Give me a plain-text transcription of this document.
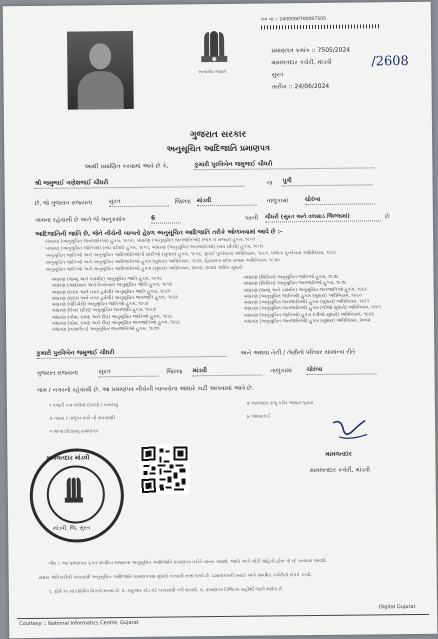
ક્રમ ના :: 2400000700007505
સત્યમેવ જયતે
પ્રમાણપત્ર ક્રમાંક :: 7505/2024
/2608
મામલતદાર કચેરી, માંડવી
સુરત
તારીખ :: 24/06/2024
ગુજરાત સરકાર
અનુસૂચિત આદિજાતિ પ્રમાણપત્ર
આથી પ્રમાણિત કરવામાં આવે છે કે,	કુમારી પુરવિબેન જમુભાઈ ચૌધરી
શ્રી જમુભાઈ ગણેશભાઈ ચૌધરી	ના પુત્રી
છે, જે ગુજરાત રાજ્યના	સુરત	જિલ્લા માંડવી	તાલુકામાં	ચોરંબા
ગામના રહેવાસી છે અને જે અનુક્રમાંક	6	પરની ચૌધરી (સુરત અને વલસાડ જિલ્લામાં)	છે
આદિજાતિની જાતિ છે, જેને નીચેની બાબતો હેઠળ અનુસૂચિત આદિજાતિ તરીકે ઓળખવામાં આવે છે :-
બંધારણ (અનુસૂચિત જનજાતિઓ) હુકમ, ૧૯૫૦, બંધારણ (અનુસૂચિત જનજાતિઓ) (ભાગ ગ રાજ્ય) હુકમ, ૧૯૫૧
બંધારણ (અનુસૂચિત જાતિઓ) (સંઘ પ્રદેશો) હુકમ, ૧૯૫૧, બંધારણ (અનુસૂચિત જનજાતિઓ) (સંઘ પ્રદેશો) હુકમ, ૧૯૫૧
અનુસૂચિત જાતિઓ અને અનુસૂચિત આદિજાતિઓની યાદીઓ (સુધારા) હુકમ, ૧૯૫૬, મુંબઈ પુનર્રચના અધિનિયમ, ૧૯૬૦, પંજાબ પુનર્રચના અધિનિયમ, ૧૯૬૬
અનુસૂચિત જાતિઓ અને અનુસૂચિત આદિજાતિઓ હુકમ (સુધારા) અધિનિયમ, ૧૯૭૬, હિમાચલ પ્રદેશ રાજ્ય અધિનિયમ, ૧૯૭૦
અનુસૂચિત જાતિઓ અને અનુસૂચિત આદિજાતિઓ હુકમ (સુધારા) અધિનિયમ, ૨૦૦૨, ૨૦૨૨ અધિક સુધારો
બંધારણ (જમ્મુ અને કાશ્મીર) અનુસૂચિત જાતિ હુકમ, ૧૯૫૬
બંધારણ (આંદામાન અને નિકોબાર) અનુસૂચિત જાતિ હુકમ, ૧૯૫૯
બંધારણ (દાદરા અને નગર હવેલી) અનુસૂચિત જાતિ હુકમ, ૧૯૬૨
બંધારણ (દાદરા અને નગર હવેલી) અનુસૂચિત જનજાતિ હુકમ, ૧૯૬૨
બંધારણ (પોંડિચેરી) અનુસૂચિત જાતિઓ હુકમ, ૧૯૬૪
બંધારણ (ઉત્તર પ્રદેશ) અનુસૂચિત જનજાતિ હુકમ, ૧૯૬૭
બંધારણ (ગોવા, દમણ અને દીવ) અનુસૂચિત જાતિઓ હુકમ, ૧૯૬૮
બંધારણ (ગોવા, દમણ અને દીવ) અનુસૂચિત જનજાતિઓ હુકમ, ૧૯૬૮
બંધારણ (નાગાલેન્ડ) અનુસૂચિત જનજાતિઓ હુકમ, ૧૯૭૦
બંધારણ (સિક્કિમ) અનુસૂચિત જાતિઓ હુકમ, ૧૯૭૮
બંધારણ (સિક્કિમ) અનુસૂચિત જનજાતિઓ હુકમ, ૧૯૭૮
બંધારણ (જમ્મુ અને કાશ્મીર) અનુસૂચિત જનજાતિઓ હુકમ, ૧૯૮૯
બંધારણ (અનુસૂચિત જાતિઓ) હુકમ (સુધારા) અધિનિયમ, ૧૯૯૦
બંધારણ (અનુસૂચિત જનજાતિઓ) હુકમ (સુધારા) અધિનિયમ, ૧૯૯૧
બંધારણ (અનુસૂચિત જનજાતિઓ) હુકમ (બીજો સુધારો) અધિનિયમ, ૧૯૯૧
બંધારણ (અનુસૂચિત જાતિઓ) હુકમ (બીજો સુધારો) અધિનિયમ, ૧૯૯૨
બંધારણ (અનુસૂચિત જનજાતિઓ) હુકમ (સુધારા) અધિનિયમ, ૨૦૦૨
કુમારી પુરવિબેન જમુભાઈ ચૌધરી	અને અથવા તેની / તેણીનો પરિવાર સામાન્ય રીતે
ગુજરાત રાજ્યના	સુરત	જિલ્લા માંડવી	તાલુકામાં ચોરંબા
ગામ / નગરનો રહેવાસી છે. આ પ્રમાણપત્ર નીચેની બાબતોના આધારે કાઢી આપવામાં આવે છે.
૧ તલાટી કમ મંત્રીનો દાખલો / પંચનામું	૨ અરજદાર રજૂ કરેલ આધાર-પુરાવા
૩ ન્યાય / તાલુકા સ્તરે ની ચકાસણી	૪ આધારકાર્ડ
૫ શાળા છોડ્યાનું પ્રમાણપત્ર
મામલતદાર
મામલતદાર કચેરી, માંડવી
મામલતદાર માંડવી
માંડવી, જિ. સુરત
નોંધ :- આ પ્રમાણપત્ર ફક્ત સંબંધિત રાજ્યના અનુસૂચિત આદિજાતિ પ્રમાણપત્ર તરીકે માન્ય ગણાશે. જાતિ અંગે ખોટી માહિતી હોય તો રદ કરવામાં આવશે.
સક્ષમ અધિકારીની ચકાસણી અનુસૂચિત આદિજાતિ પ્રમાણપત્રમાં સુધારો કરવાની સત્તા ધરાવે છે. પ્રમાણપત્રની ખરાઈ અંગે સંબંધિત કચેરીનો સંપર્ક કરવો.
૧. ફોર્મ ૧૦ માં દર્શાવેલ વિગતો માન્ય છે. ૨. ક્યુઆર કોડ વડે ચકાસણી કરી શકાશે. ૩. પ્રમાણપત્ર ડિજિટલ સહીથી જારી થયેલ છે.
Courtesy :: National Informatics Centre, Gujarat
Digital Gujarat
